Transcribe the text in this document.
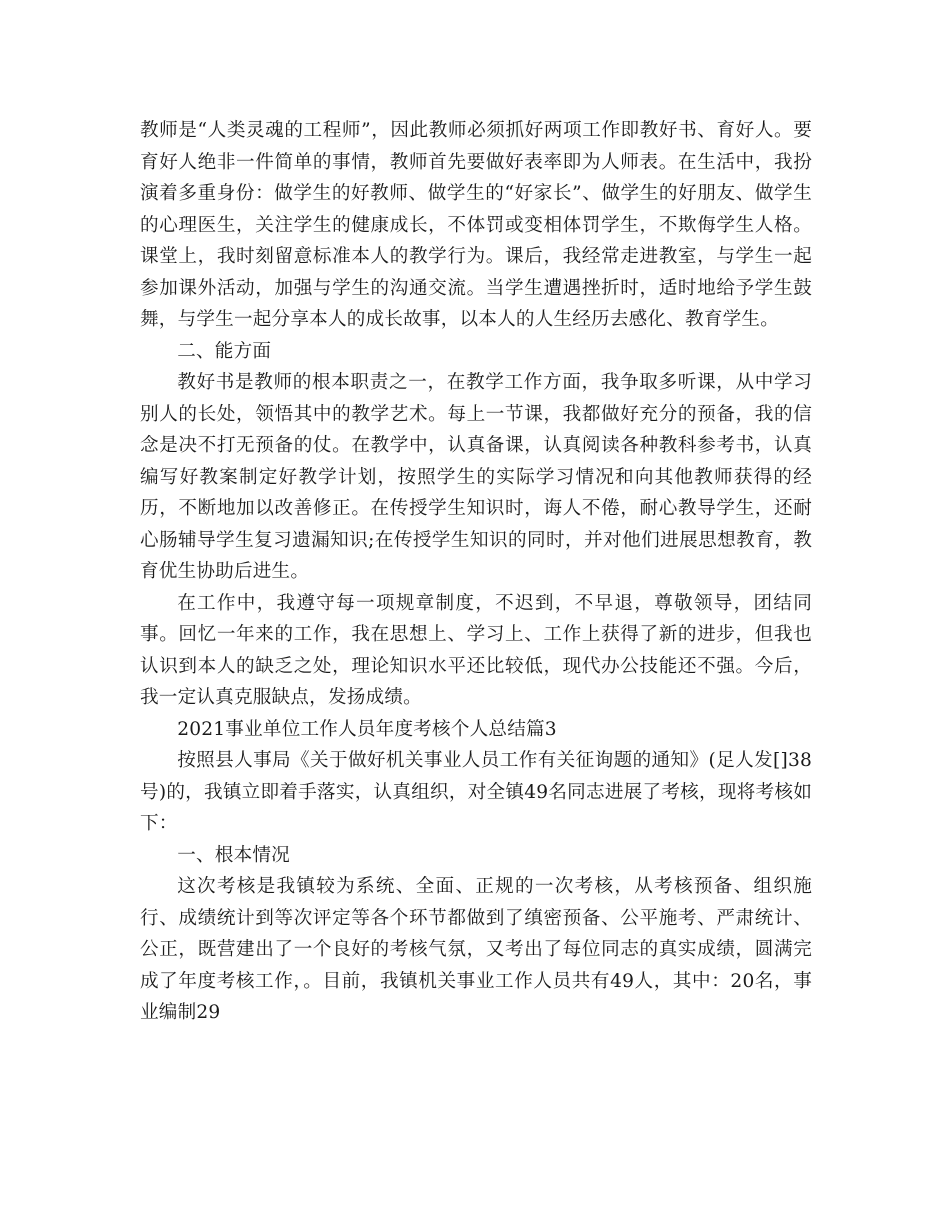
教师是“人类灵魂的工程师”，因此教师必须抓好两项工作即教好书、育好人。要育好人绝非一件简单的事情，教师首先要做好表率即为人师表。在生活中，我扮演着多重身份：做学生的好教师、做学生的“好家长”、做学生的好朋友、做学生的心理医生，关注学生的健康成长，不体罚或变相体罚学生，不欺侮学生人格。课堂上，我时刻留意标准本人的教学行为。课后，我经常走进教室，与学生一起参加课外活动，加强与学生的沟通交流。当学生遭遇挫折时，适时地给予学生鼓舞，与学生一起分享本人的成长故事，以本人的人生经历去感化、教育学生。

二、能方面

教好书是教师的根本职责之一，在教学工作方面，我争取多听课，从中学习别人的长处，领悟其中的教学艺术。每上一节课，我都做好充分的预备，我的信念是决不打无预备的仗。在教学中，认真备课，认真阅读各种教科参考书，认真编写好教案制定好教学计划，按照学生的实际学习情况和向其他教师获得的经历，不断地加以改善修正。在传授学生知识时，诲人不倦，耐心教导学生，还耐心肠辅导学生复习遗漏知识;在传授学生知识的同时，并对他们进展思想教育，教育优生协助后进生。

在工作中，我遵守每一项规章制度，不迟到，不早退，尊敬领导，团结同事。回忆一年来的工作，我在思想上、学习上、工作上获得了新的进步，但我也认识到本人的缺乏之处，理论知识水平还比较低，现代办公技能还不强。今后，我一定认真克服缺点，发扬成绩。

2021事业单位工作人员年度考核个人总结篇3

按照县人事局《关于做好机关事业人员工作有关征询题的通知》(足人发[]38号)的，我镇立即着手落实，认真组织，对全镇49名同志进展了考核，现将考核如下：

一、根本情况

这次考核是我镇较为系统、全面、正规的一次考核，从考核预备、组织施行、成绩统计到等次评定等各个环节都做到了缜密预备、公平施考、严肃统计、公正，既营建出了一个良好的考核气氛，又考出了每位同志的真实成绩，圆满完成了年度考核工作，。目前，我镇机关事业工作人员共有49人，其中：20名，事业编制29
